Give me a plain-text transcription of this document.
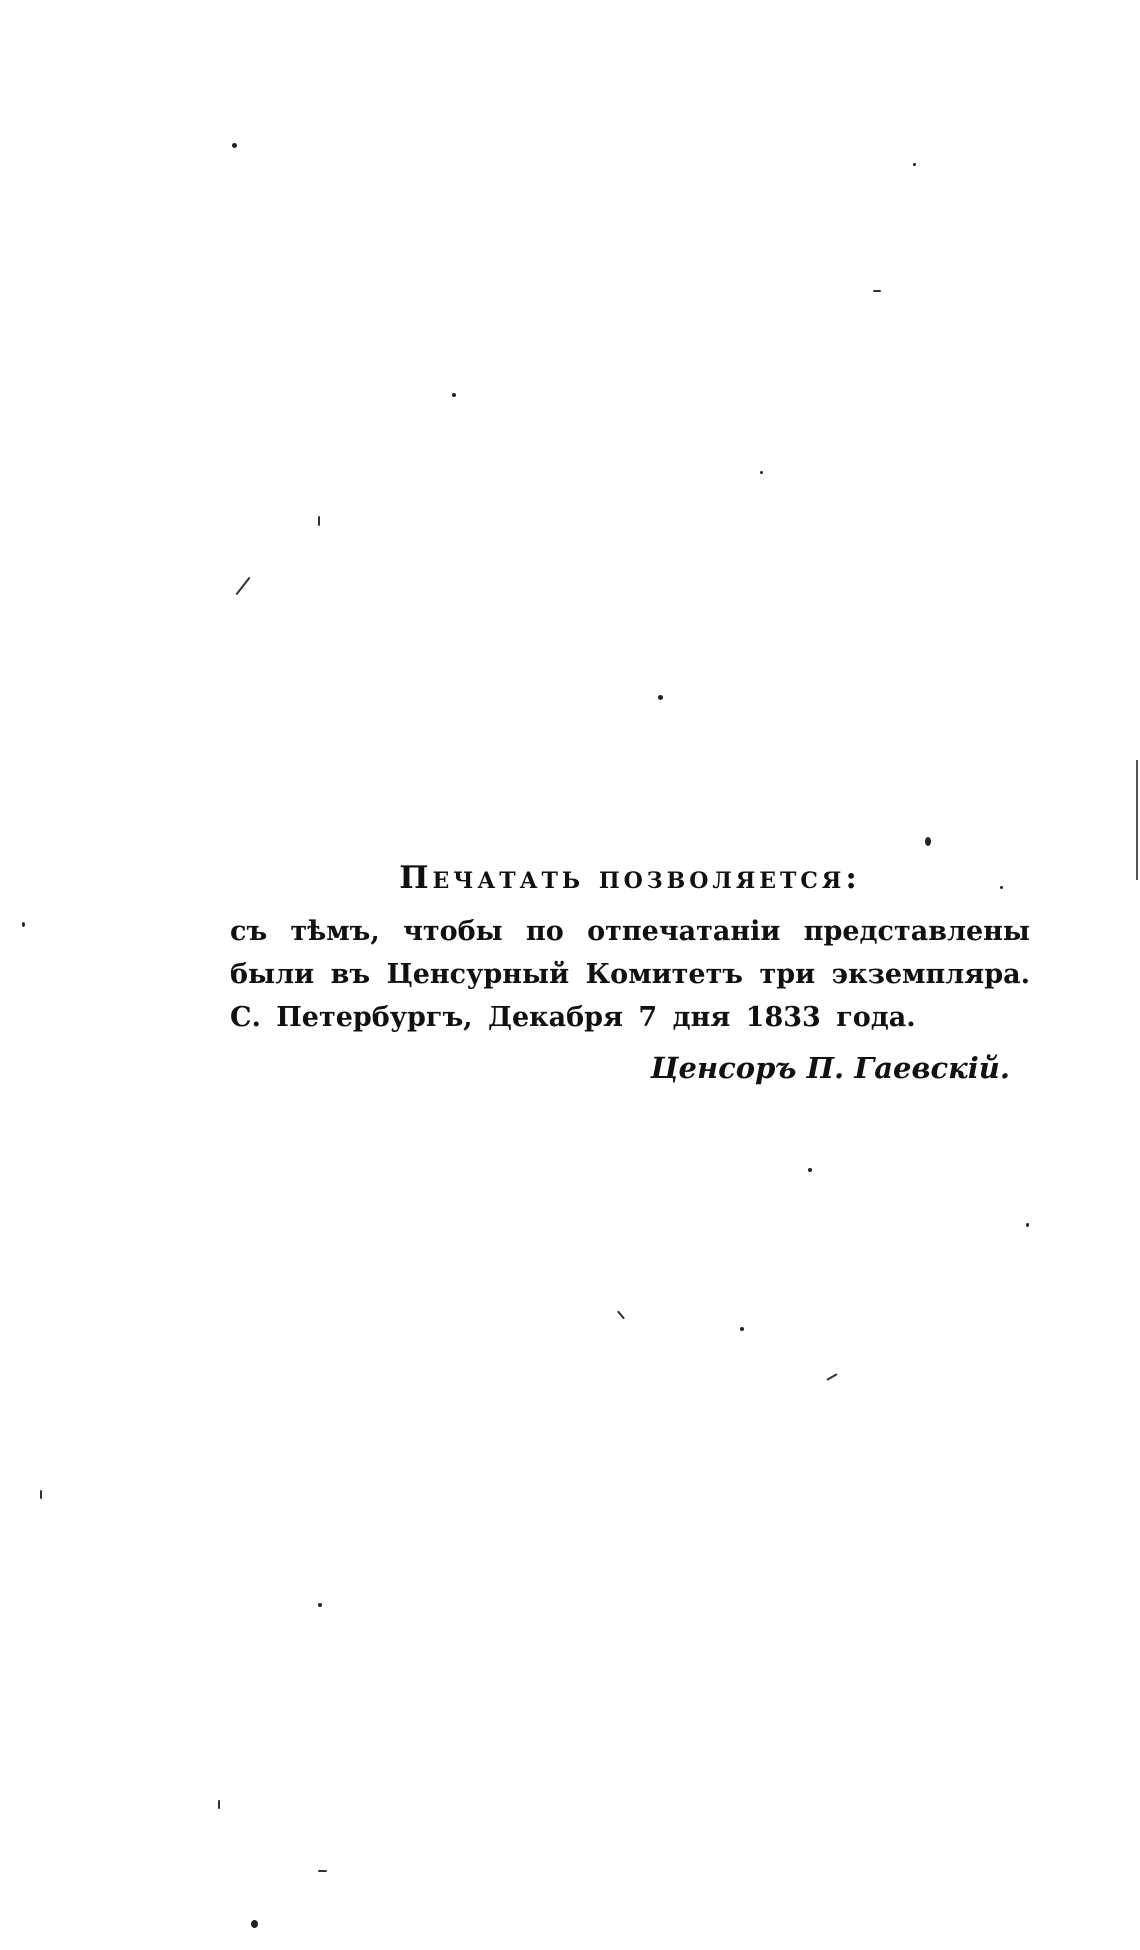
Печатать позволяется:
съ тѣмъ, чтобы по отпечатаніи представлены были въ Ценсурный Комитетъ три экземпляра. С. Петербургъ, Декабря 7 дня 1833 года.
Ценсоръ П. Гаевскій.
